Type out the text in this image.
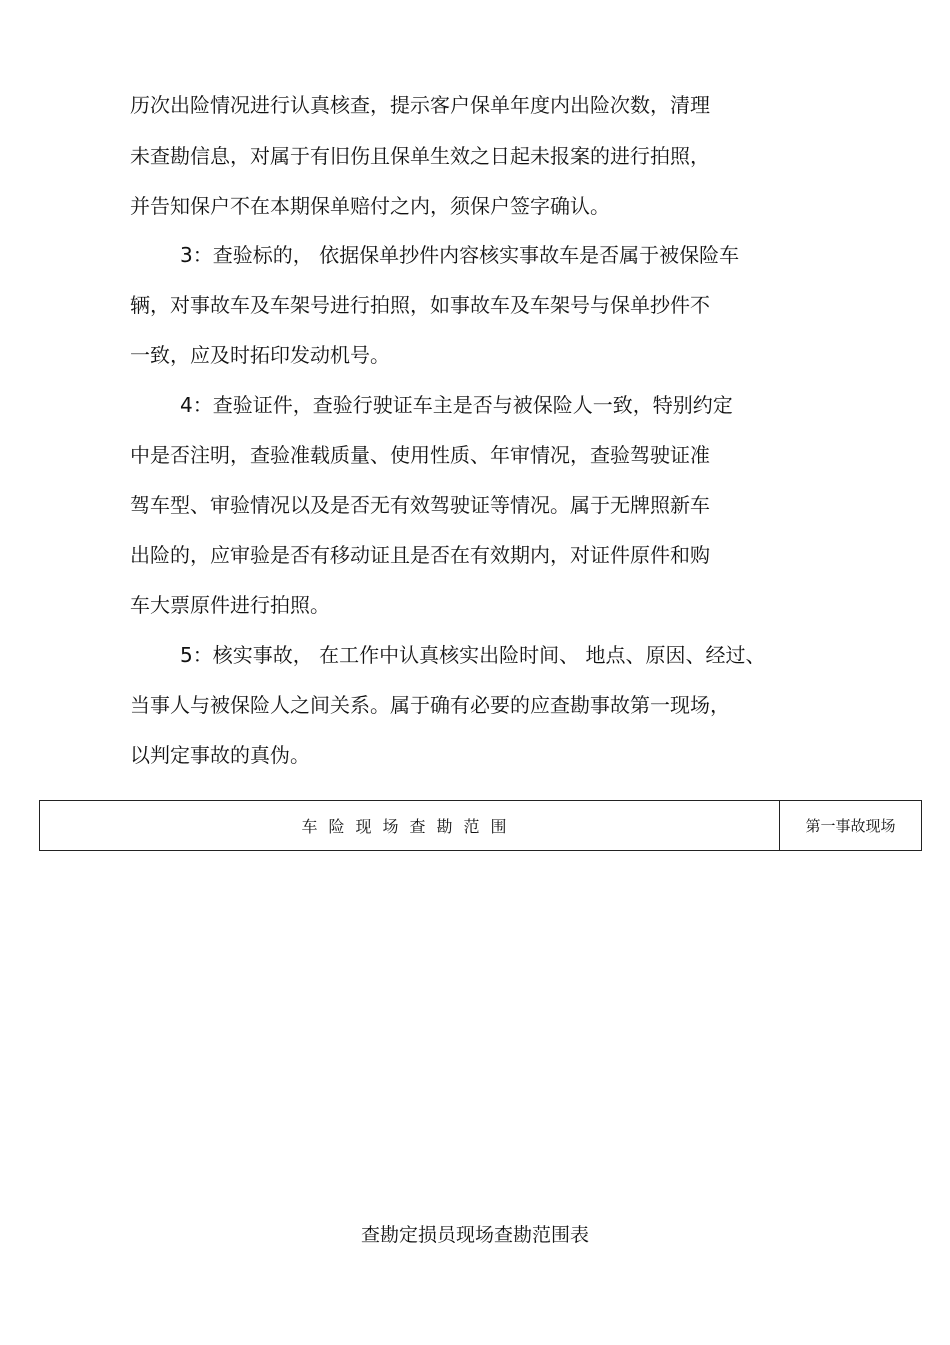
历次出险情况进行认真核查，提示客户保单年度内出险次数，清理
未查勘信息，对属于有旧伤且保单生效之日起未报案的进行拍照，
并告知保户不在本期保单赔付之内，须保户签字确认。
3：查验标的， 依据保单抄件内容核实事故车是否属于被保险车
辆，对事故车及车架号进行拍照，如事故车及车架号与保单抄件不
一致，应及时拓印发动机号。
4：查验证件，查验行驶证车主是否与被保险人一致，特别约定
中是否注明，查验准载质量、使用性质、年审情况，查验驾驶证准
驾车型、审验情况以及是否无有效驾驶证等情况。属于无牌照新车
出险的，应审验是否有移动证且是否在有效期内，对证件原件和购
车大票原件进行拍照。
5：核实事故， 在工作中认真核实出险时间、 地点、原因、经过、
当事人与被保险人之间关系。属于确有必要的应查勘事故第一现场，
以判定事故的真伪。
车险现场查勘范围	第一事故现场
查勘定损员现场查勘范围表
